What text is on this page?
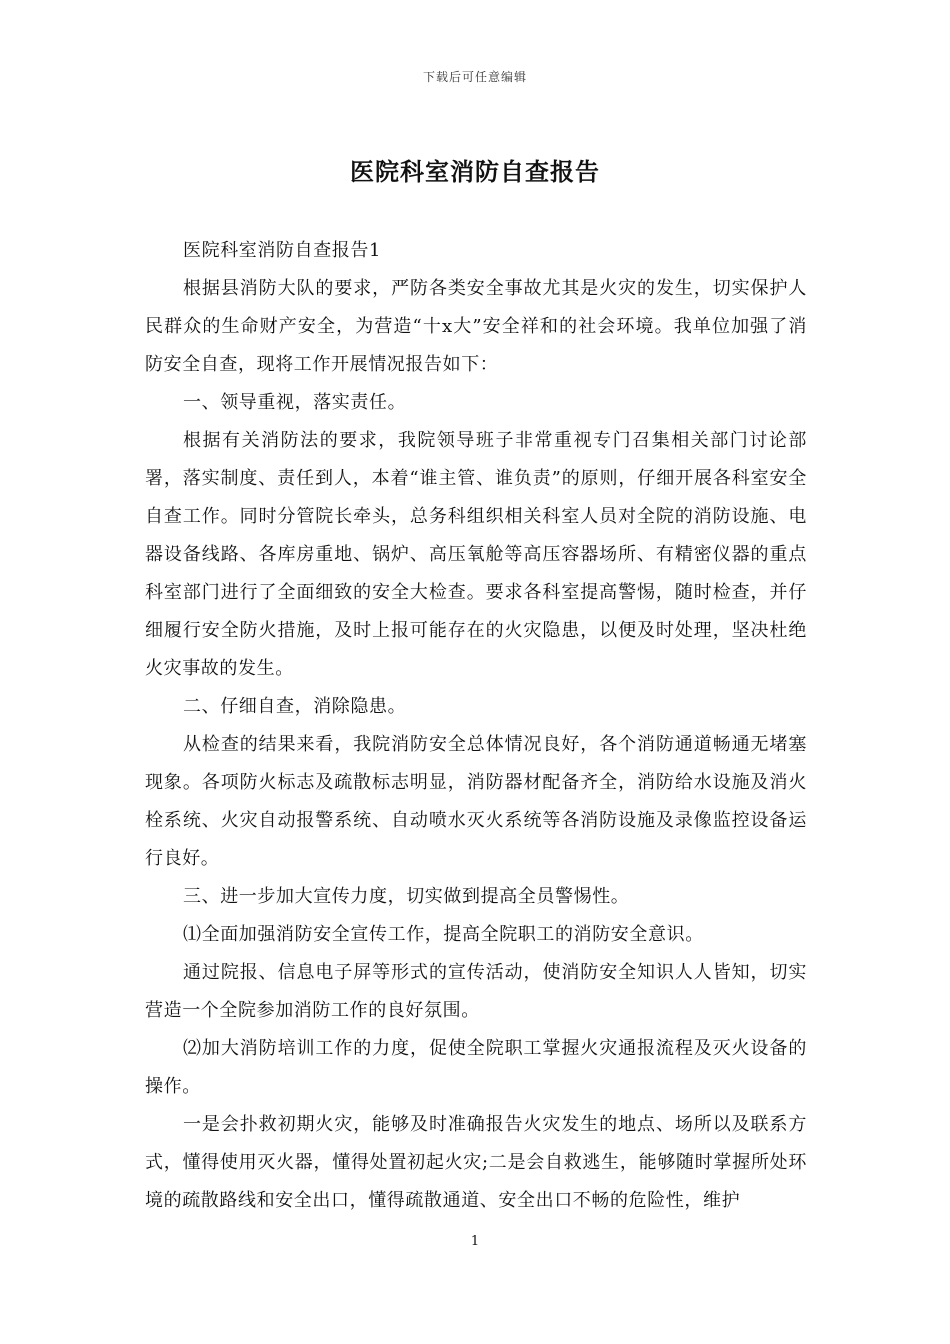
下载后可任意编辑
医院科室消防自查报告

医院科室消防自查报告1

根据县消防大队的要求，严防各类安全事故尤其是火灾的发生，切实保护人民群众的生命财产安全，为营造“十x大”安全祥和的社会环境。我单位加强了消防安全自查，现将工作开展情况报告如下：

一、领导重视，落实责任。

根据有关消防法的要求，我院领导班子非常重视专门召集相关部门讨论部署，落实制度、责任到人，本着“谁主管、谁负责”的原则，仔细开展各科室安全自查工作。同时分管院长牵头，总务科组织相关科室人员对全院的消防设施、电器设备线路、各库房重地、锅炉、高压氧舱等高压容器场所、有精密仪器的重点科室部门进行了全面细致的安全大检查。要求各科室提高警惕，随时检查，并仔细履行安全防火措施，及时上报可能存在的火灾隐患，以便及时处理，坚决杜绝火灾事故的发生。

二、仔细自查，消除隐患。

从检查的结果来看，我院消防安全总体情况良好，各个消防通道畅通无堵塞现象。各项防火标志及疏散标志明显，消防器材配备齐全，消防给水设施及消火栓系统、火灾自动报警系统、自动喷水灭火系统等各消防设施及录像监控设备运行良好。

三、进一步加大宣传力度，切实做到提高全员警惕性。

⑴全面加强消防安全宣传工作，提高全院职工的消防安全意识。

通过院报、信息电子屏等形式的宣传活动，使消防安全知识人人皆知，切实营造一个全院参加消防工作的良好氛围。

⑵加大消防培训工作的力度，促使全院职工掌握火灾通报流程及灭火设备的操作。

一是会扑救初期火灾，能够及时准确报告火灾发生的地点、场所以及联系方式，懂得使用灭火器，懂得处置初起火灾;二是会自救逃生，能够随时掌握所处环境的疏散路线和安全出口，懂得疏散通道、安全出口不畅的危险性，维护

1
